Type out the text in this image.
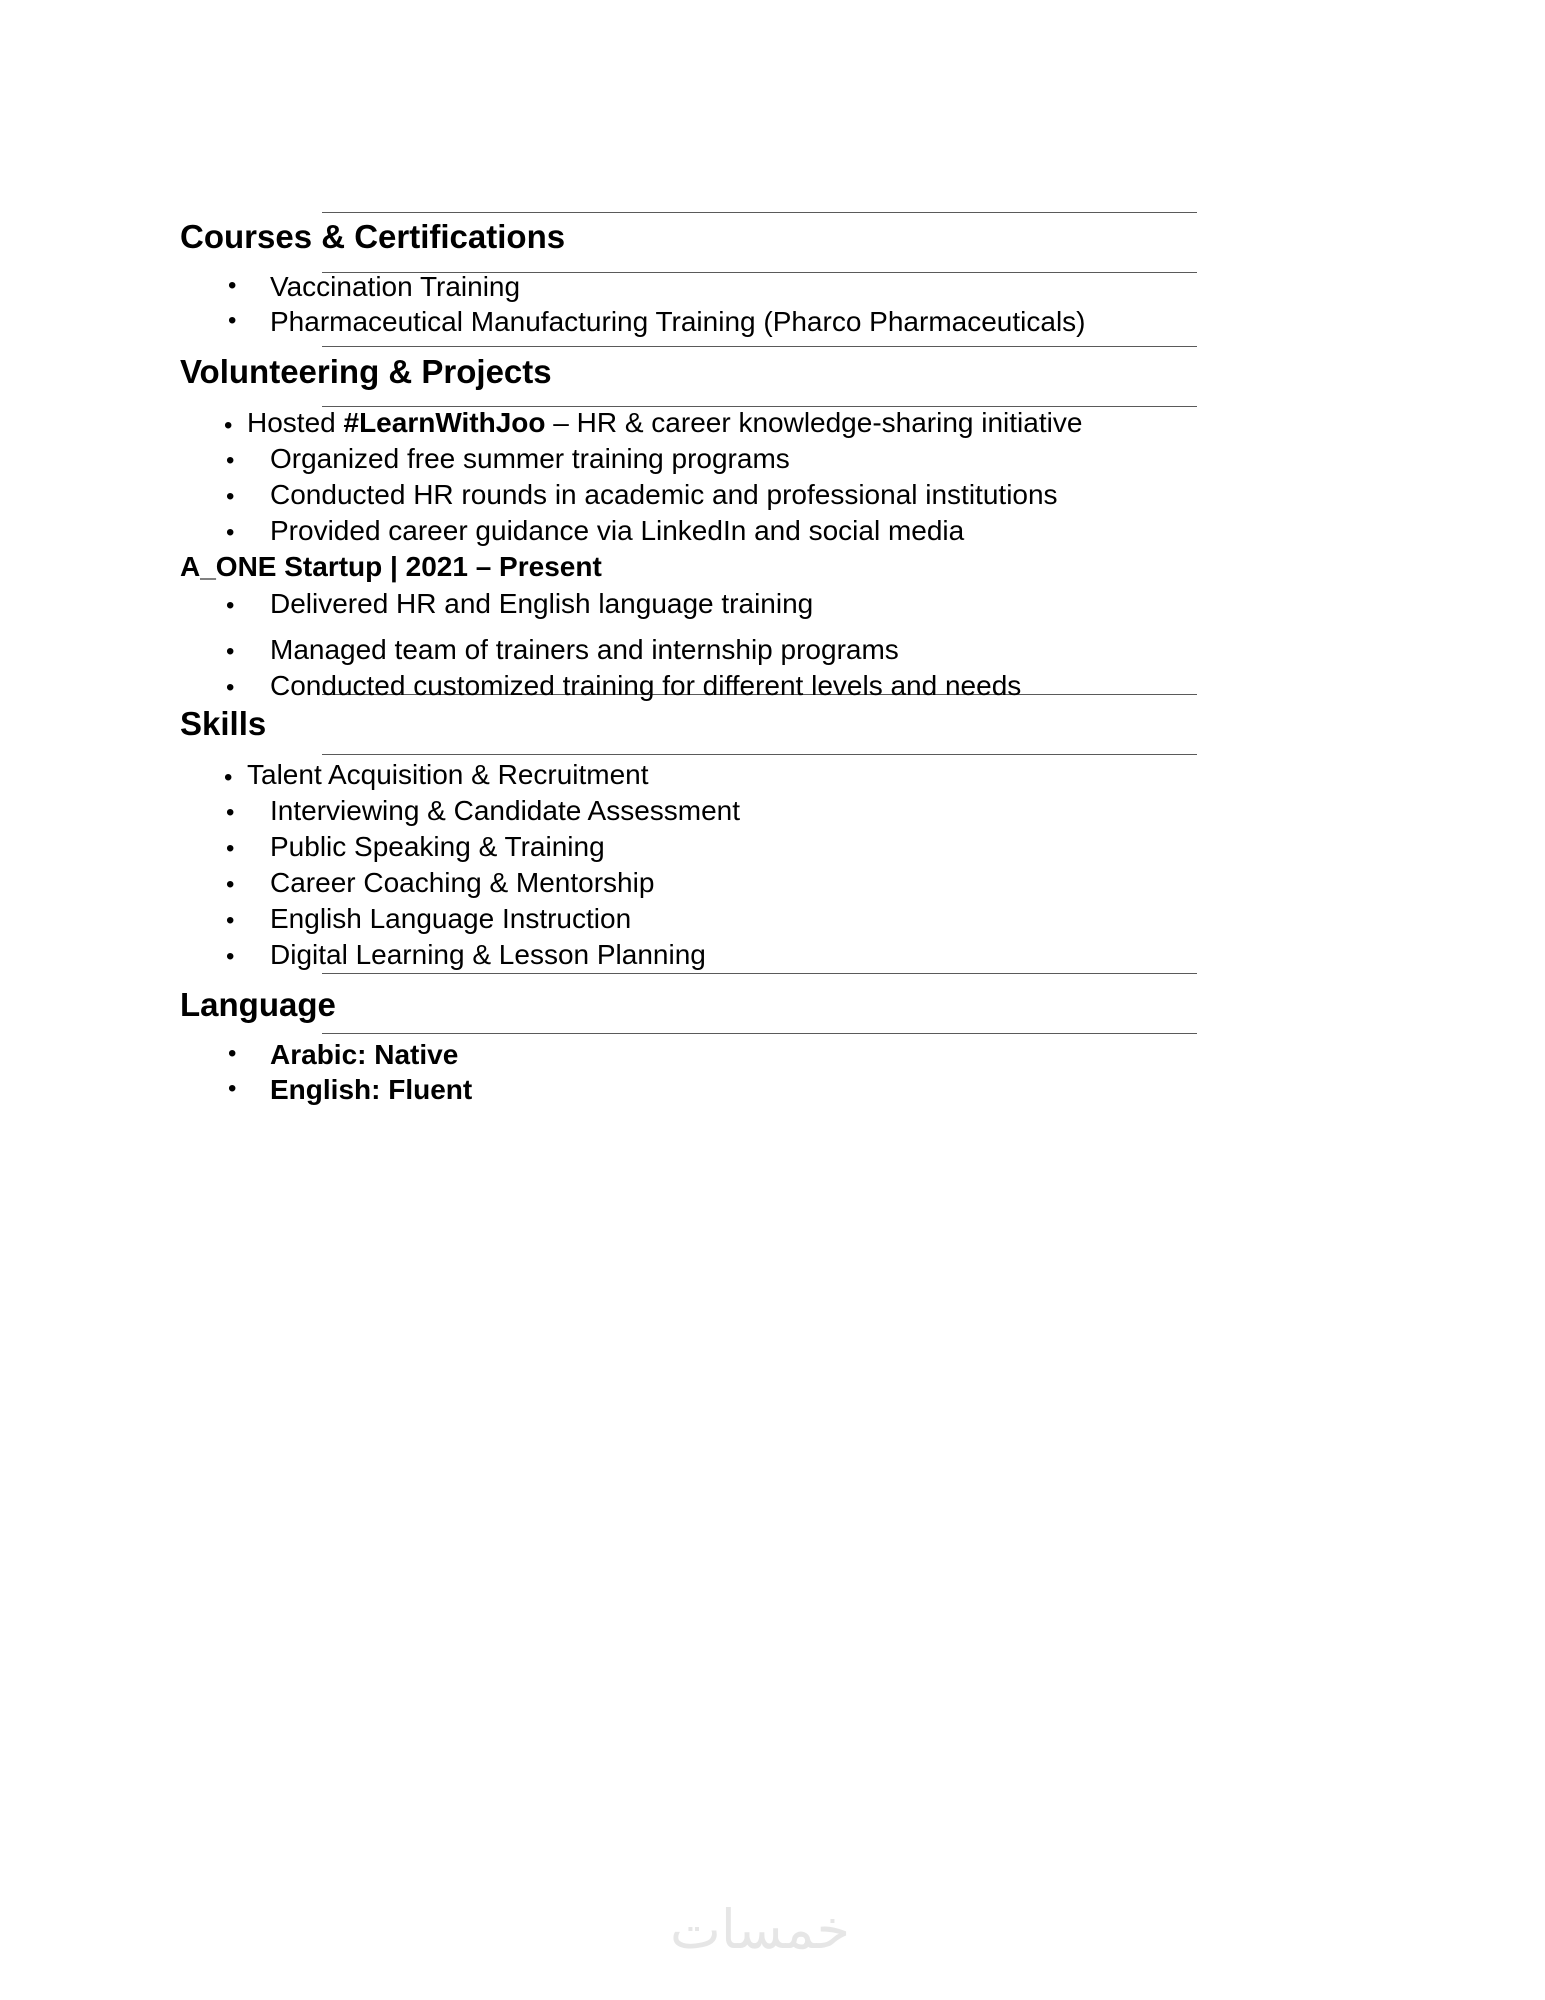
Courses & Certifications
• Vaccination Training
• Pharmaceutical Manufacturing Training (Pharco Pharmaceuticals)
Volunteering & Projects
• Hosted #LearnWithJoo – HR & career knowledge-sharing initiative
• Organized free summer training programs
• Conducted HR rounds in academic and professional institutions
• Provided career guidance via LinkedIn and social media
A_ONE Startup | 2021 – Present
• Delivered HR and English language training
• Managed team of trainers and internship programs
• Conducted customized training for different levels and needs
Skills
• Talent Acquisition & Recruitment
• Interviewing & Candidate Assessment
• Public Speaking & Training
• Career Coaching & Mentorship
• English Language Instruction
• Digital Learning & Lesson Planning
Language
• Arabic: Native
• English: Fluent
خمسات
